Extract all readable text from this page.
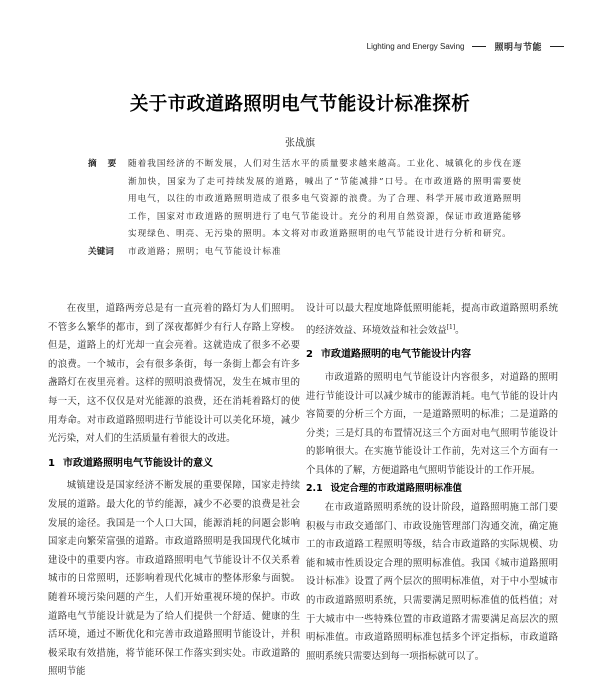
Lighting and Energy Saving	照明与节能
关于市政道路照明电气节能设计标准探析
张战旗
摘 要 随着我国经济的不断发展，人们对生活水平的质量要求越来越高。工业化、城镇化的步伐在逐渐加快，国家为了走可持续发展的道路，喊出了“节能减排”口号。在市政道路的照明需要使用电气，以往的市政道路照明造成了很多电气资源的浪费。为了合理、科学开展市政道路照明工作，国家对市政道路的照明进行了电气节能设计。充分的利用自然资源，保证市政道路能够实现绿色、明亮、无污染的照明。本文将对市政道路照明的电气节能设计进行分析和研究。
关键词	市政道路；照明；电气节能设计标准

在夜里，道路两旁总是有一直亮着的路灯为人们照明。不管多么繁华的都市，到了深夜都鲜少有行人存路上穿梭。但是，道路上的灯光却一直会亮着。这就造成了很多不必要的浪费。一个城市，会有很多条街，每一条街上都会有许多盏路灯在夜里亮着。这样的照明浪费情况，发生在城市里的每一天，这不仅仅是对光能源的浪费，还在消耗着路灯的使用寿命。对市政道路照明进行节能设计可以美化环境，减少光污染，对人们的生活质量有着很大的改进。

1 市政道路照明电气节能设计的意义

城镇建设是国家经济不断发展的重要保障，国家走持续发展的道路。最大化的节约能源，减少不必要的浪费是社会发展的途径。我国是一个人口大国，能源消耗的问题会影响国家走向繁荣富强的道路。市政道路照明是我国现代化城市建设中的重要内容。市政道路照明电气节能设计不仅关系着城市的日常照明，还影响着现代化城市的整体形象与面貌。随着环境污染问题的产生，人们开始重视环境的保护。市政道路电气节能设计就是为了给人们提供一个舒适、健康的生活环境，通过不断优化和完善市政道路照明节能设计，并积极采取有效措施，将节能环保工作落实到实处。市政道路的照明节能

设计可以最大程度地降低照明能耗，提高市政道路照明系统的经济效益、环境效益和社会效益[1]。

2 市政道路照明的电气节能设计内容

市政道路的照明电气节能设计内容很多，对道路的照明进行节能设计可以减少城市的能源消耗。电气节能的设计内容简要的分析三个方面，一是道路照明的标准；二是道路的分类；三是灯具的布置情况这三个方面对电气照明节能设计的影响很大。在实施节能设计工作前，先对这三个方面有一个具体的了解，方便道路电气照明节能设计的工作开展。

2.1 设定合理的市政道路照明标准值

在市政道路照明系统的设计阶段，道路照明施工部门要积极与市政交通部门、市政设施管理部门沟通交流，确定施工的市政道路工程照明等级，结合市政道路的实际规模、功能和城市性质设定合理的照明标准值。我国《城市道路照明设计标准》设置了两个层次的照明标准值，对于中小型城市的市政道路照明系统，只需要满足照明标准值的低档值；对于大城市中一些特殊位置的市政道路才需要满足高层次的照明标准值。市政道路照明标准包括多个评定指标，市政道路照明系统只需要达到每一项指标就可以了。
